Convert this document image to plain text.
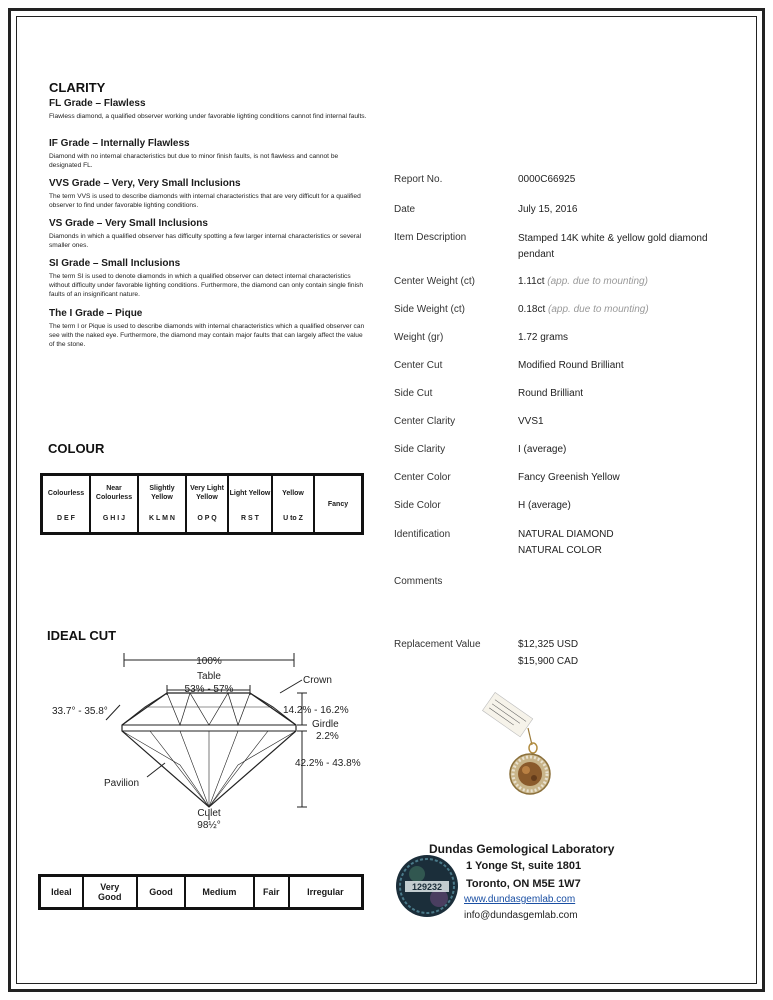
CLARITY
FL Grade – Flawless
Flawless diamond, a qualified observer working under favorable lighting conditions cannot find internal faults.
IF Grade – Internally Flawless
Diamond with no internal characteristics but due to minor finish faults, is not flawless and cannot be designated FL.
VVS Grade – Very, Very Small Inclusions
The term VVS is used to describe diamonds with internal characteristics that are very difficult for a qualified observer to find under favorable lighting conditions.
VS Grade – Very Small Inclusions
Diamonds in which a qualified observer has difficulty spotting a few larger internal characteristics or several smaller ones.
SI Grade – Small Inclusions
The term SI is used to denote diamonds in which a qualified observer can detect internal characteristics without difficulty under favorable lighting conditions. Furthermore, the diamond can only contain single finish faults of an insignificant nature.
The I Grade – Pique
The term I or Pique is used to describe diamonds with internal characteristics which a qualified observer can see with the naked eye. Furthermore, the diamond may contain major faults that can largely affect the value of the stone.
COLOUR
Colourless
D E F

Near Colourless
G H I J

Slightly Yellow
K L M N

Very Light Yellow
O P Q

Light Yellow
R S T

Yellow
U to Z

Fancy
IDEAL CUT
100%
Table
53% - 57%
Crown
33.7° - 35.8°	14.2% - 16.2%
Girdle
2.2%
42.2% - 43.8%
Pavilion
Culet
98½°
Ideal	Very Good	Good	Medium	Fair	Irregular
Report No.	0000C66925
Date	July 15, 2016
Item Description	Stamped 14K white & yellow gold diamond pendant
Center Weight (ct)	1.11ct (app. due to mounting)
Side Weight (ct)	0.18ct (app. due to mounting)
Weight (gr)	1.72 grams
Center Cut	Modified Round Brilliant
Side Cut	Round Brilliant
Center Clarity	VVS1
Side Clarity	I (average)
Center Color	Fancy Greenish Yellow
Side Color	H (average)
Identification	NATURAL DIAMOND
NATURAL COLOR
Comments
Replacement Value	$12,325 USD
$15,900 CAD
129232
Dundas Gemological Laboratory
1 Yonge St, suite 1801
Toronto, ON M5E 1W7
www.dundasgemlab.com
info@dundasgemlab.com
